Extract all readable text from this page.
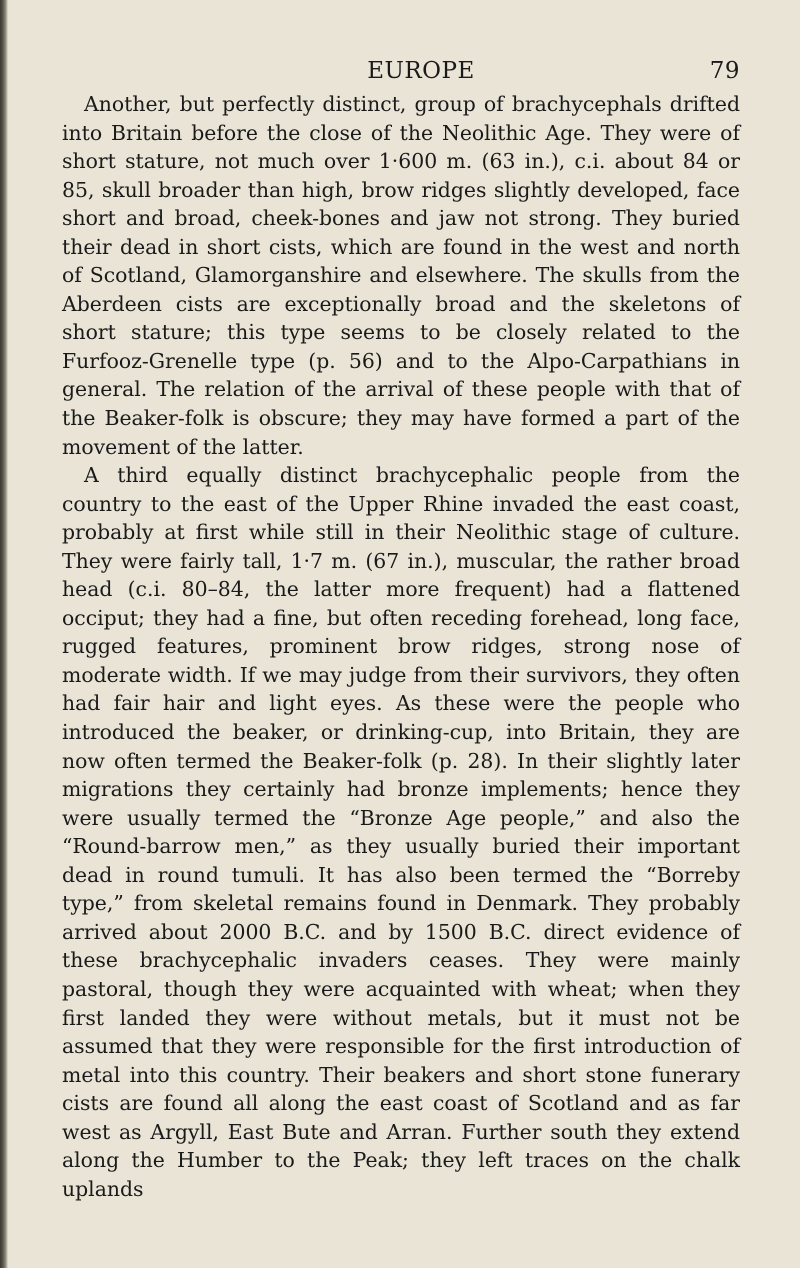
EUROPE	79

Another, but perfectly distinct, group of brachycephals drifted into Britain before the close of the Neolithic Age. They were of short stature, not much over 1·600 m. (63 in.), c.i. about 84 or 85, skull broader than high, brow ridges slightly developed, face short and broad, cheek-bones and jaw not strong. They buried their dead in short cists, which are found in the west and north of Scotland, Glamorganshire and elsewhere. The skulls from the Aberdeen cists are exceptionally broad and the skeletons of short stature; this type seems to be closely related to the Furfooz-Grenelle type (p. 56) and to the Alpo-Carpathians in general. The relation of the arrival of these people with that of the Beaker-folk is obscure; they may have formed a part of the movement of the latter.

A third equally distinct brachycephalic people from the country to the east of the Upper Rhine invaded the east coast, probably at first while still in their Neolithic stage of culture. They were fairly tall, 1·7 m. (67 in.), muscular, the rather broad head (c.i. 80–84, the latter more frequent) had a flattened occiput; they had a fine, but often receding forehead, long face, rugged features, prominent brow ridges, strong nose of moderate width. If we may judge from their survivors, they often had fair hair and light eyes. As these were the people who introduced the beaker, or drinking-cup, into Britain, they are now often termed the Beaker-folk (p. 28). In their slightly later migrations they certainly had bronze implements; hence they were usually termed the “Bronze Age people,” and also the “Round-barrow men,” as they usually buried their important dead in round tumuli. It has also been termed the “Borreby type,” from skeletal remains found in Denmark. They probably arrived about 2000 B.C. and by 1500 B.C. direct evidence of these brachycephalic invaders ceases. They were mainly pastoral, though they were acquainted with wheat; when they first landed they were without metals, but it must not be assumed that they were responsible for the first introduction of metal into this country. Their beakers and short stone funerary cists are found all along the east coast of Scotland and as far west as Argyll, East Bute and Arran. Further south they extend along the Humber to the Peak; they left traces on the chalk uplands
